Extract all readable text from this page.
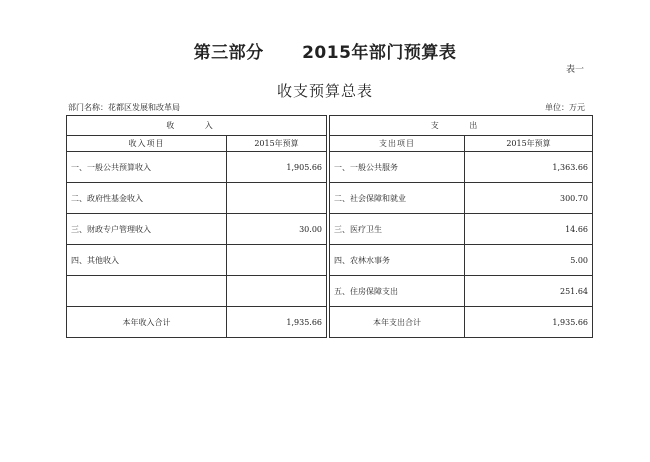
第三部分      2015年部门预算表
表一
收支预算总表
部门名称：花都区发展和改革局	单位：万元
收 入			支 出	
收入项目	2015年预算		支出项目	2015年预算
一、一般公共预算收入	1,905.66		一、一般公共服务	1,363.66
二、政府性基金收入			二、社会保障和就业	300.70
三、财政专户管理收入	30.00		三、医疗卫生	14.66
四、其他收入			四、农林水事务	5.00
			五、住房保障支出	251.64
本年收入合计	1,935.66		本年支出合计	1,935.66
